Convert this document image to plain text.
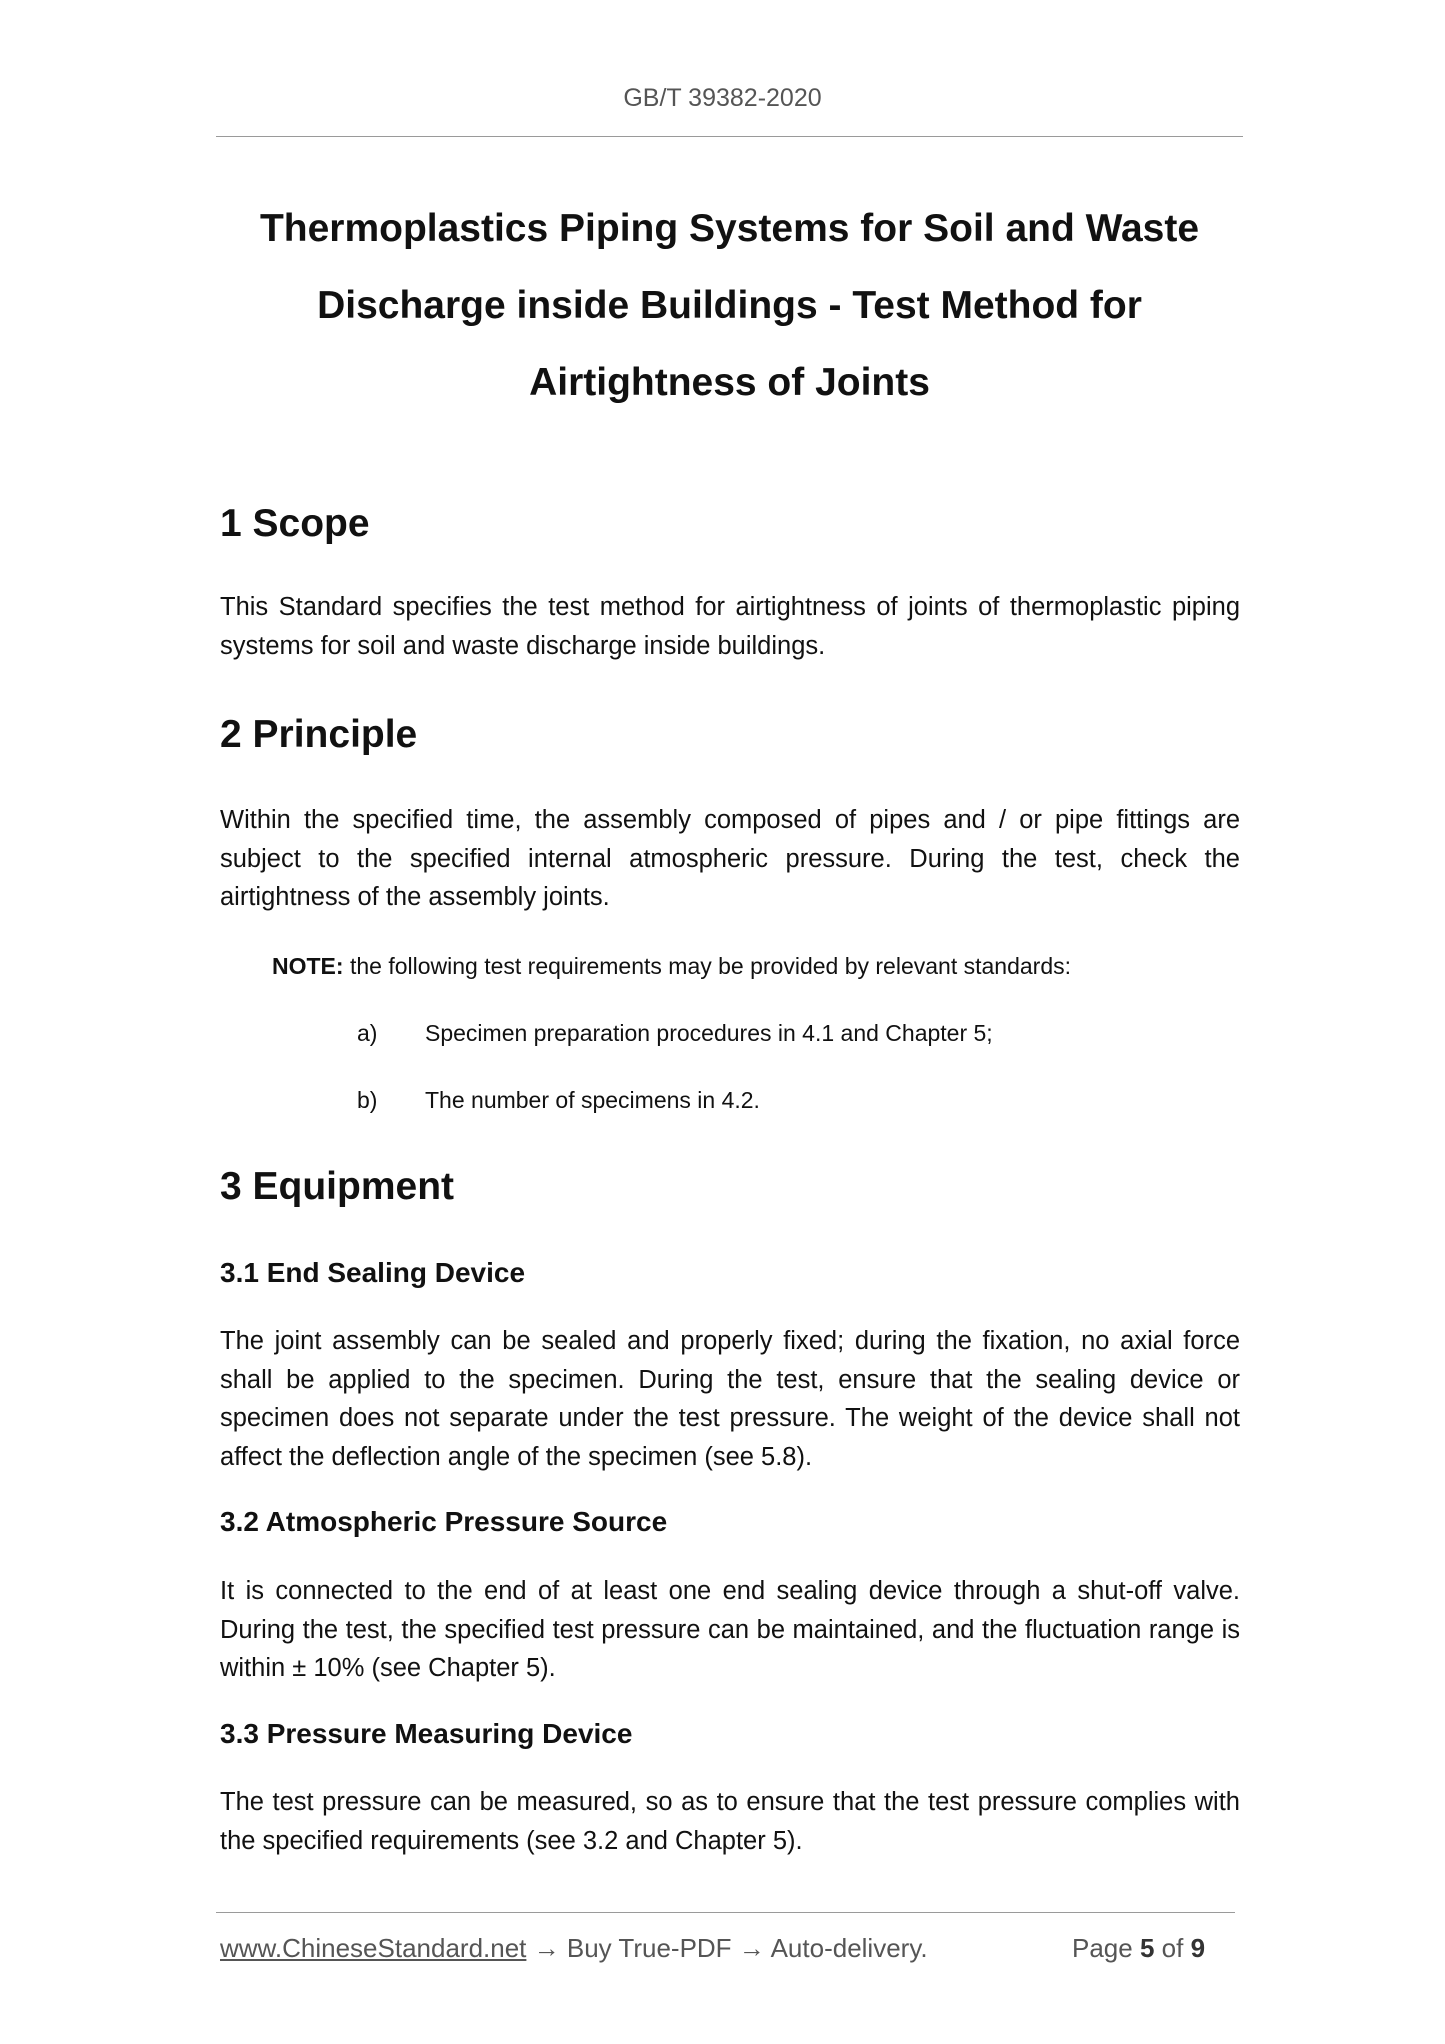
GB/T 39382-2020
Thermoplastics Piping Systems for Soil and Waste
Discharge inside Buildings - Test Method for
Airtightness of Joints
1 Scope
This Standard specifies the test method for airtightness of joints of thermoplastic piping systems for soil and waste discharge inside buildings.
2 Principle
Within the specified time, the assembly composed of pipes and / or pipe fittings are subject to the specified internal atmospheric pressure. During the test, check the airtightness of the assembly joints.
NOTE: the following test requirements may be provided by relevant standards:
a) Specimen preparation procedures in 4.1 and Chapter 5;
b) The number of specimens in 4.2.
3 Equipment
3.1 End Sealing Device
The joint assembly can be sealed and properly fixed; during the fixation, no axial force shall be applied to the specimen. During the test, ensure that the sealing device or specimen does not separate under the test pressure. The weight of the device shall not affect the deflection angle of the specimen (see 5.8).
3.2 Atmospheric Pressure Source
It is connected to the end of at least one end sealing device through a shut-off valve. During the test, the specified test pressure can be maintained, and the fluctuation range is within ± 10% (see Chapter 5).
3.3 Pressure Measuring Device
The test pressure can be measured, so as to ensure that the test pressure complies with the specified requirements (see 3.2 and Chapter 5).
www.ChineseStandard.net → Buy True-PDF → Auto-delivery.	Page 5 of 9
